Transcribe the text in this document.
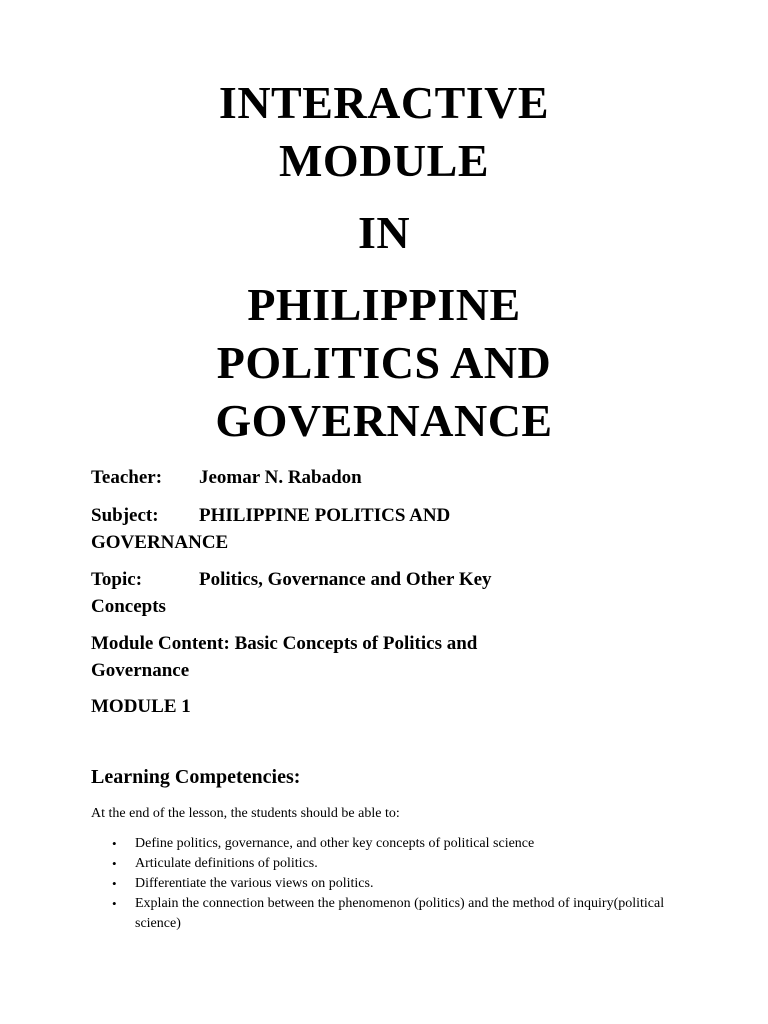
INTERACTIVE
MODULE
IN
PHILIPPINE
POLITICS AND
GOVERNANCE
Teacher: Jeomar N. Rabadon
Subject: PHILIPPINE POLITICS AND
GOVERNANCE
Topic:	Politics, Governance and Other Key
Concepts
Module Content: Basic Concepts of Politics and
Governance
MODULE 1
Learning Competencies:
At the end of the lesson, the students should be able to:
• Define politics, governance, and other key concepts of political science
• Articulate definitions of politics.
• Differentiate the various views on politics.
• Explain the connection between the phenomenon (politics) and the method of inquiry(political science)
